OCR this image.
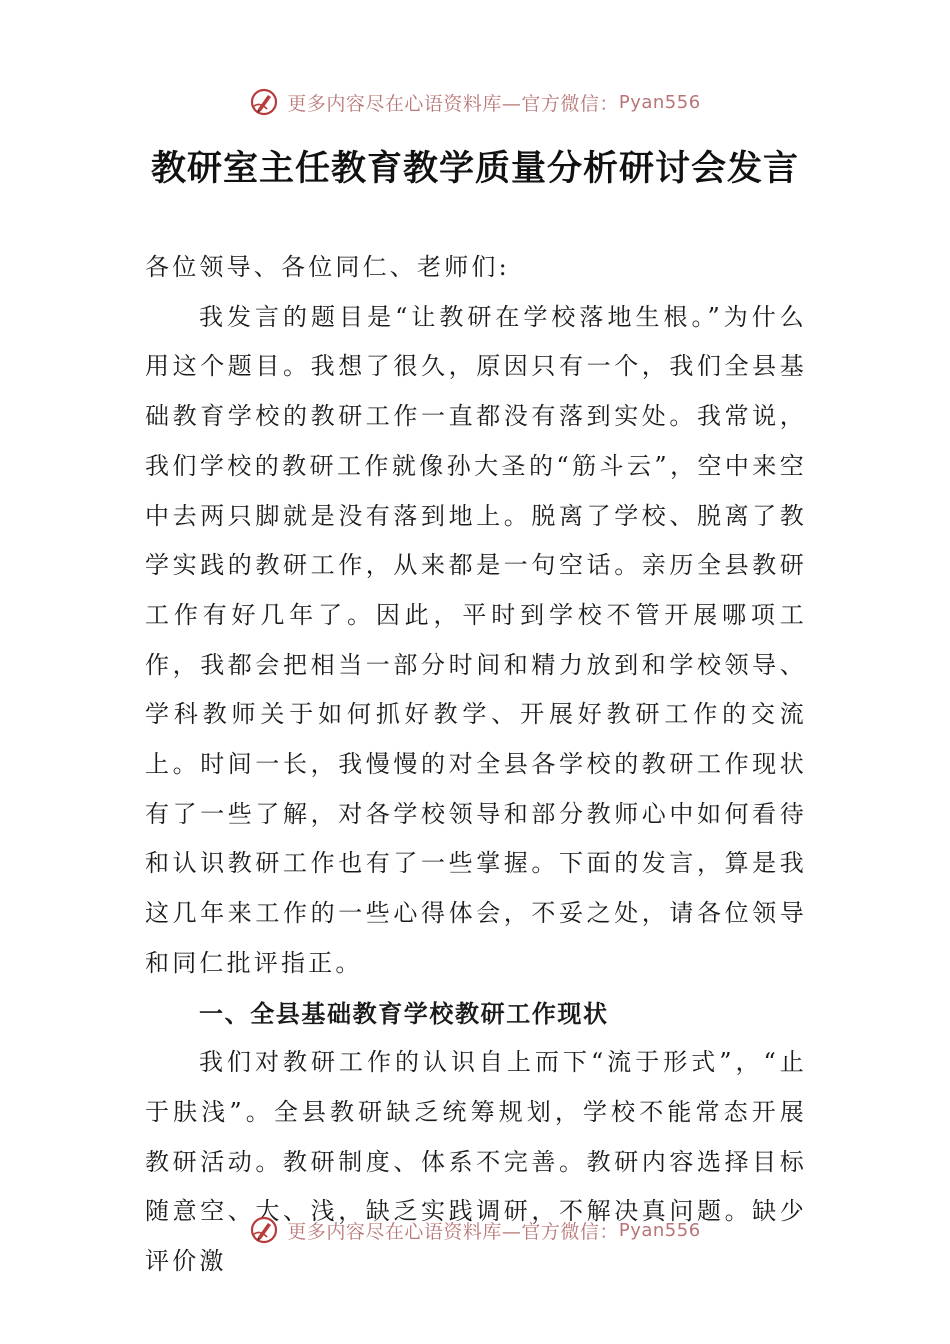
更多内容尽在心语资料库—官方微信： Pyan556
教研室主任教育教学质量分析研讨会发言

各位领导、各位同仁、老师们:

我发言的题目是“让教研在学校落地生根。”为什么用这个题目。我想了很久，原因只有一个，我们全县基础教育学校的教研工作一直都没有落到实处。我常说，我们学校的教研工作就像孙大圣的“筋斗云”，空中来空中去两只脚就是没有落到地上。脱离了学校、脱离了教学实践的教研工作，从来都是一句空话。亲历全县教研工作有好几年了。因此，平时到学校不管开展哪项工作，我都会把相当一部分时间和精力放到和学校领导、学科教师关于如何抓好教学、开展好教研工作的交流上。时间一长，我慢慢的对全县各学校的教研工作现状有了一些了解，对各学校领导和部分教师心中如何看待和认识教研工作也有了一些掌握。下面的发言，算是我这几年来工作的一些心得体会，不妥之处，请各位领导和同仁批评指正。

一、全县基础教育学校教研工作现状

我们对教研工作的认识自上而下“流于形式”，“止于肤浅”。全县教研缺乏统筹规划，学校不能常态开展教研活动。教研制度、体系不完善。教研内容选择目标随意空、大、浅，缺乏实践调研，不解决真问题。缺少评价激

更多内容尽在心语资料库—官方微信： Pyan556
